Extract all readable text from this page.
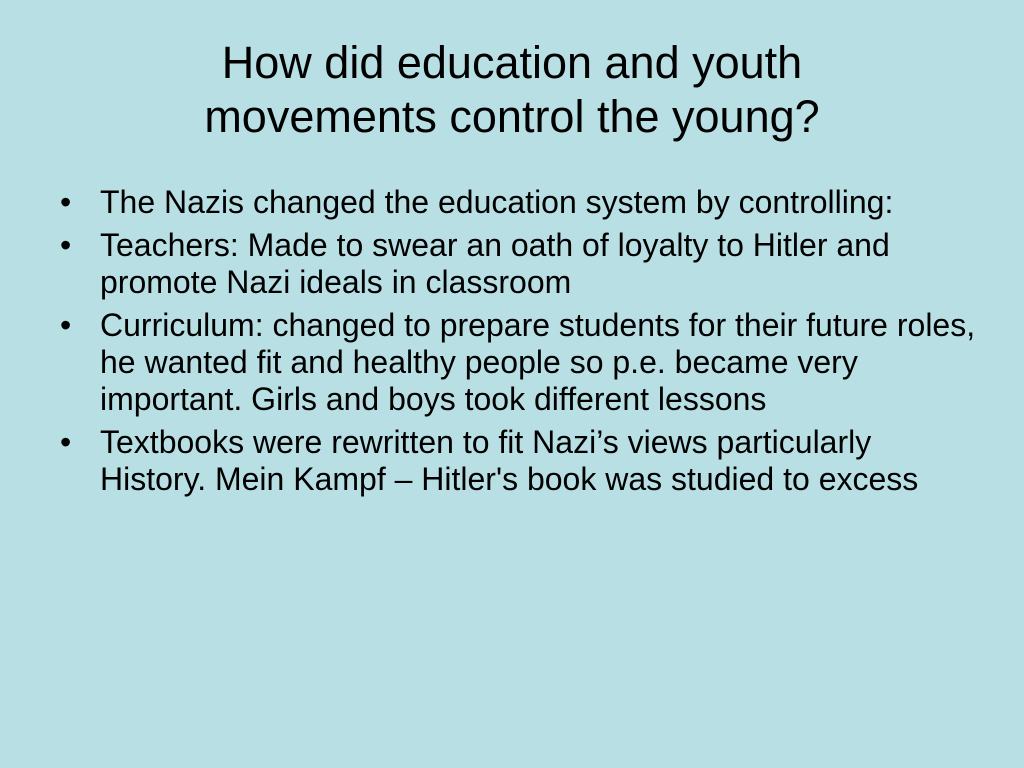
How did education and youth
movements control the young?
• The Nazis changed the education system by controlling:
• Teachers: Made to swear an oath of loyalty to Hitler and promote Nazi ideals in classroom
• Curriculum: changed to prepare students for their future roles, he wanted fit and healthy people so p.e. became very important. Girls and boys took different lessons
• Textbooks were rewritten to fit Nazi’s views particularly History. Mein Kampf – Hitler's book was studied to excess
